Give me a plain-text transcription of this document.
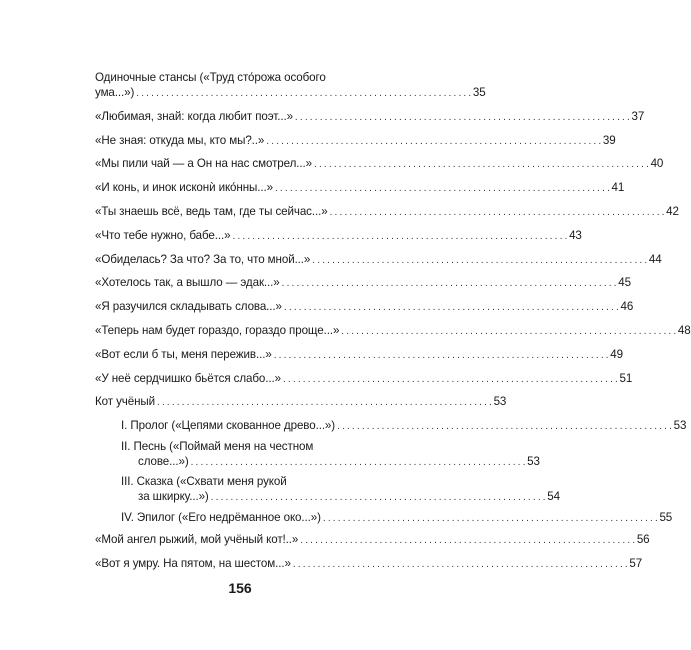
Одиночные стансы («Труд сто́рожа особого
ума...») . . .	35
«Любимая, знай: когда любит поэт...» . . .	37
«Не зная: откуда мы, кто мы?..» . . .	39
«Мы пили чай — а Он на нас смотрел...» . . .	40
«И конь, и инок исконѝ ико́нны...» . . .	41
«Ты знаешь всё, ведь там, где ты сейчас...» . . .	42
«Что тебе нужно, бабе...» . . .	43
«Обиделась? За что? За то, что мной...» . . .	44
«Хотелось так, а вышло — эдак...» . . .	45
«Я разучился складывать слова...» . . .	46
«Теперь нам будет гораздо, гораздо проще...» . . .	48
«Вот если б ты, меня пережив...» . . .	49
«У неё сердчишко бьётся слабо...» . . .	51
Кот учёный . . .	53
I. Пролог («Цепями скованное древо...») . . .	53
II. Песнь («Поймай меня на честном
слове...») . . .	53
III. Сказка («Схвати меня рукой
за шкирку...») . . .	54
IV. Эпилог («Его недрёманное око...») . . .	55
«Мой ангел рыжий, мой учёный кот!..» . . .	56
«Вот я умру. На пятом, на шестом...» . . .	57
156
